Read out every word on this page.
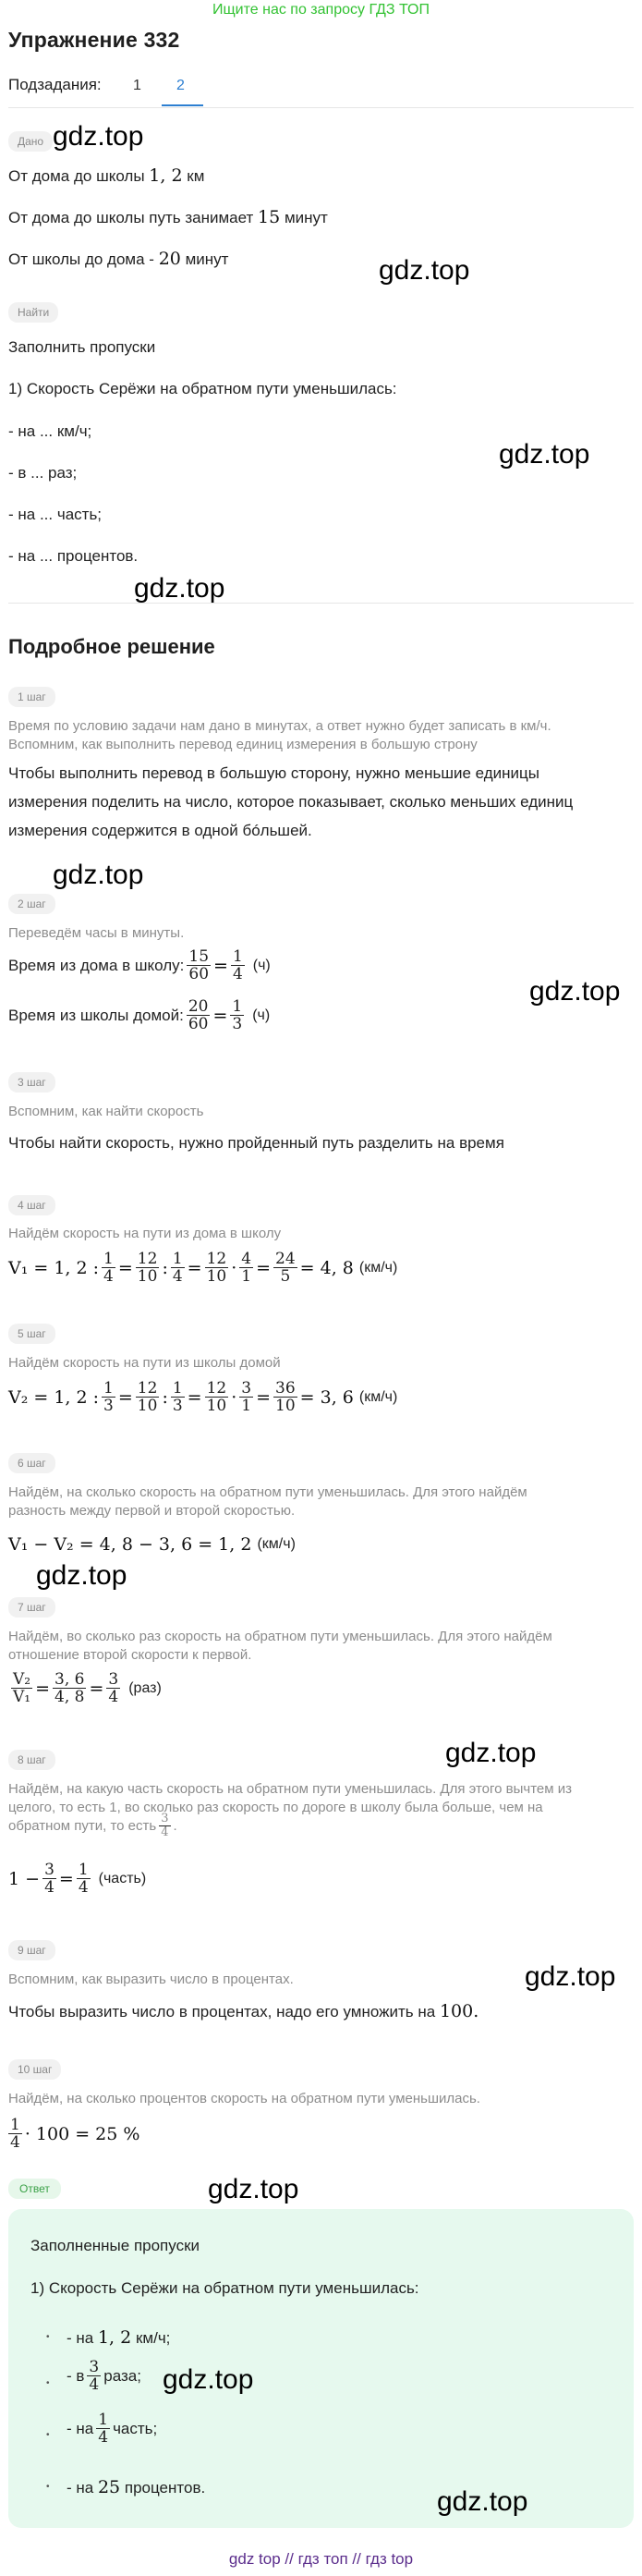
Ищите нас по запросу ГДЗ ТОП
Упражнение 332
Подзадания: 1 2
Дано
От дома до школы 1, 2 км
От дома до школы путь занимает 15 минут
От школы до дома - 20 минут
Найти
Заполнить пропуски
1) Скорость Серёжи на обратном пути уменьшилась:
- на ... км/ч;
- в ... раз;
- на ... часть;
- на ... процентов.
Подробное решение
1 шаг
Время по условию задачи нам дано в минутах, а ответ нужно будет записать в км/ч.
Вспомним, как выполнить перевод единиц измерения в большую строну
Чтобы выполнить перевод в большую сторону, нужно меньшие единицы
измерения поделить на число, которое показывает, сколько меньших единиц
измерения содержится в одной бóльшей.
2 шаг
Переведём часы в минуты.
Время из дома в школу: $\frac{15}{60} = \frac{1}{4} (ч)$
Время из школы домой: $\frac{20}{60} = \frac{1}{3} (ч)$
3 шаг
Вспомним, как найти скорость
Чтобы найти скорость, нужно пройденный путь разделить на время
4 шаг
Найдём скорость на пути из дома в школу
V₁ = 1, 2 : $\frac{1}{4} = \frac{12}{10}$ : $\frac{1}{4} = \frac{12}{10} \cdot \frac{4}{1} = \frac{24}{5} = 4$, 8 (км/ч)
5 шаг
Найдём скорость на пути из школы домой
V₂ = 1, 2 : $\frac{1}{3} = \frac{12}{10}$ : $\frac{1}{3} = \frac{12}{10} \cdot \frac{3}{1} = \frac{36}{10} = 3$, 6 (км/ч)
6 шаг
Найдём, на сколько скорость на обратном пути уменьшилась. Для этого найдём
разность между первой и второй скоростью.
V₁ − V₂ = 4, 8 − 3, 6 = 1, 2 (км/ч)
7 шаг
Найдём, во сколько раз скорость на обратном пути уменьшилась. Для этого найдём
отношение второй скорости к первой.
$\frac{\text{V₂}}{\text{V₁}} = \frac{3, 6}{4, 8} = \frac{3}{4} (раз)$
8 шаг
Найдём, на какую часть скорость на обратном пути уменьшилась. Для этого вычтем из
целого, то есть 1, во сколько раз скорость по дороге в школу была больше, чем на
обратном пути, то есть $\frac{3}{4}$ .
$1 - \frac{3}{4} = \frac{1}{4}$ (часть)
9 шаг
Вспомним, как выразить число в процентах.
Чтобы выразить число в процентах, надо его умножить на 100.
10 шаг
Найдём, на сколько процентов скорость на обратном пути уменьшилась.
$\frac{1}{4} \cdot 100 = 25$ %
Ответ
Заполненные пропуски
1) Скорость Серёжи на обратном пути уменьшилась:
• - на 1, 2 км/ч;
• - в $\frac{3}{4}$ раза;
• - на $\frac{1}{4}$ часть;
• - на 25 процентов.
gdz.top
gdz.top
gdz.top
gdz.top
gdz.top
gdz.top
gdz.top
gdz.top
gdz.top
gdz.top
gdz.top
gdz.top
gdz top // гдз топ // гдз top
